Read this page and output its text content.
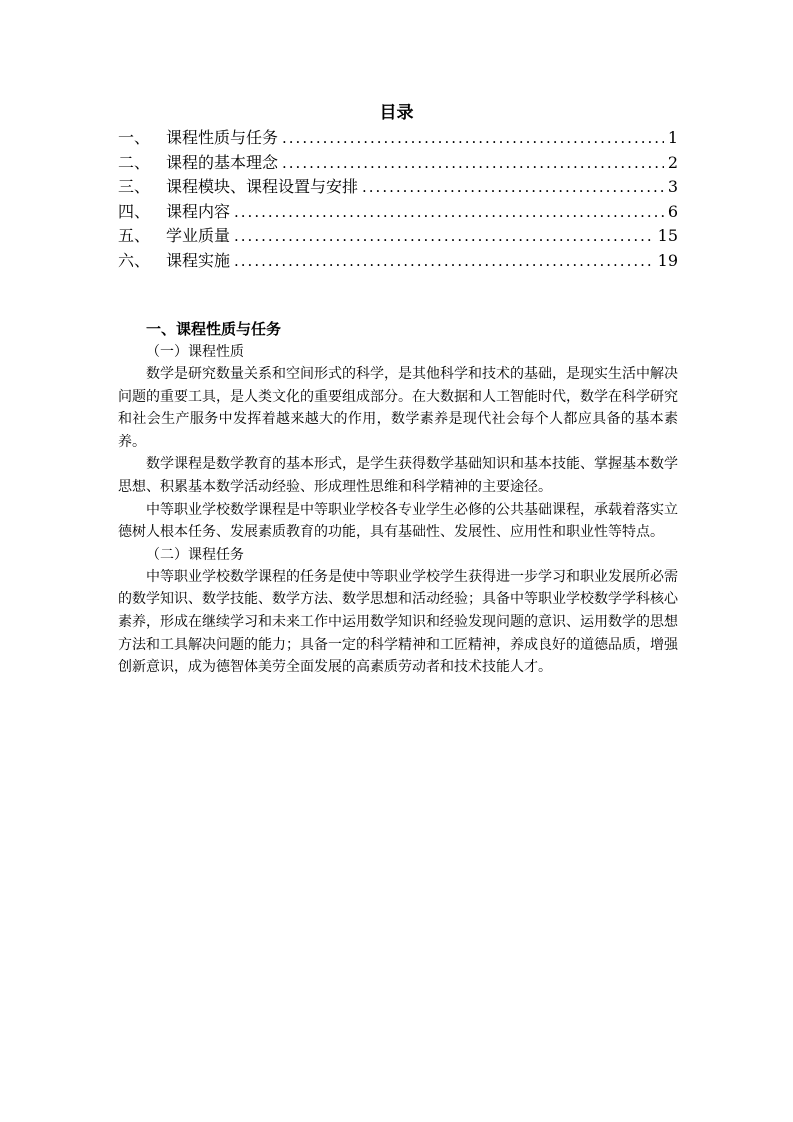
目录
一、 课程性质与任务 .....	1
二、 课程的基本理念 .....	2
三、 课程模块、课程设置与安排 .....	3
四、 课程内容 .....	6
五、 学业质量 .....	15
六、 课程实施 .....	19
一、课程性质与任务
（一）课程性质

数学是研究数量关系和空间形式的科学，是其他科学和技术的基础，是现实生活中解决问题的重要工具，是人类文化的重要组成部分。在大数据和人工智能时代，数学在科学研究和社会生产服务中发挥着越来越大的作用，数学素养是现代社会每个人都应具备的基本素养。

数学课程是数学教育的基本形式，是学生获得数学基础知识和基本技能、掌握基本数学思想、积累基本数学活动经验、形成理性思维和科学精神的主要途径。

中等职业学校数学课程是中等职业学校各专业学生必修的公共基础课程，承载着落实立德树人根本任务、发展素质教育的功能，具有基础性、发展性、应用性和职业性等特点。

（二）课程任务

中等职业学校数学课程的任务是使中等职业学校学生获得进一步学习和职业发展所必需的数学知识、数学技能、数学方法、数学思想和活动经验；具备中等职业学校数学学科核心素养，形成在继续学习和未来工作中运用数学知识和经验发现问题的意识、运用数学的思想方法和工具解决问题的能力；具备一定的科学精神和工匠精神，养成良好的道德品质，增强创新意识，成为德智体美劳全面发展的高素质劳动者和技术技能人才。
